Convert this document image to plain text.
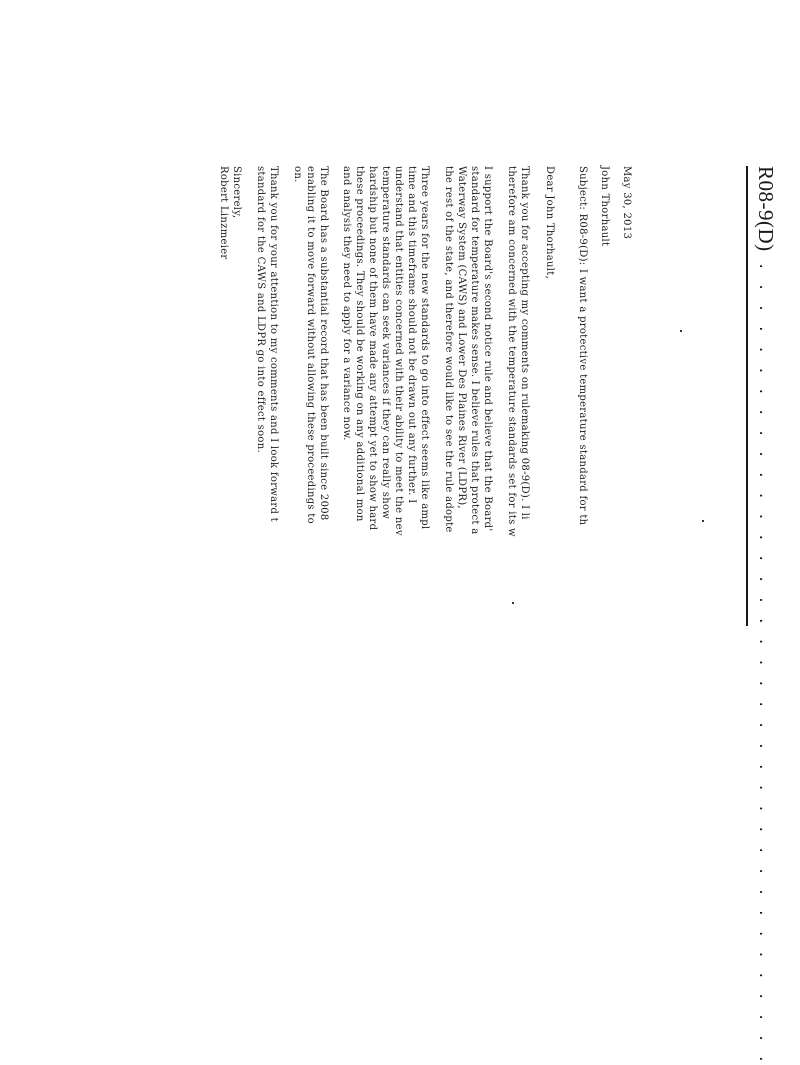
R08-9(D)
. . . . . . . . . . . . . . . . . . . . . . . . . . . . . . . . . . . . . . .
May 30, 2013
John Thorhault
Subject: R08-9(D): I want a protective temperature standard for th
Dear John Thorhault,
Thank you for accepting my comments on rulemaking 08-9(D). I li
therefore am concerned with the temperature standards set for its w
I support the Board's second notice rule and believe that the Board'
standard for temperature makes sense. I believe rules that protect a
Waterway System (CAWS) and Lower Des Plaines River (LDPR),
the rest of the state, and therefore would like to see the rule adopte
Three years for the new standards to go into effect seems like ampl
time and this timeframe should not be drawn out any further. I
understand that entities concerned with their ability to meet the nev
temperature standards can seek variances if they can really show
hardship but none of them have made any attempt yet to show hard
these proceedings. They should be working on any additional mon
and analysis they need to apply for a variance now.
The Board has a substantial record that has been built since 2008
enabling it to move forward without allowing these proceedings to
on.
Thank you for your attention to my comments and I look forward t
standard for the CAWS and LDPR go into effect soon.
Sincerely,
Robert Linzmeier
